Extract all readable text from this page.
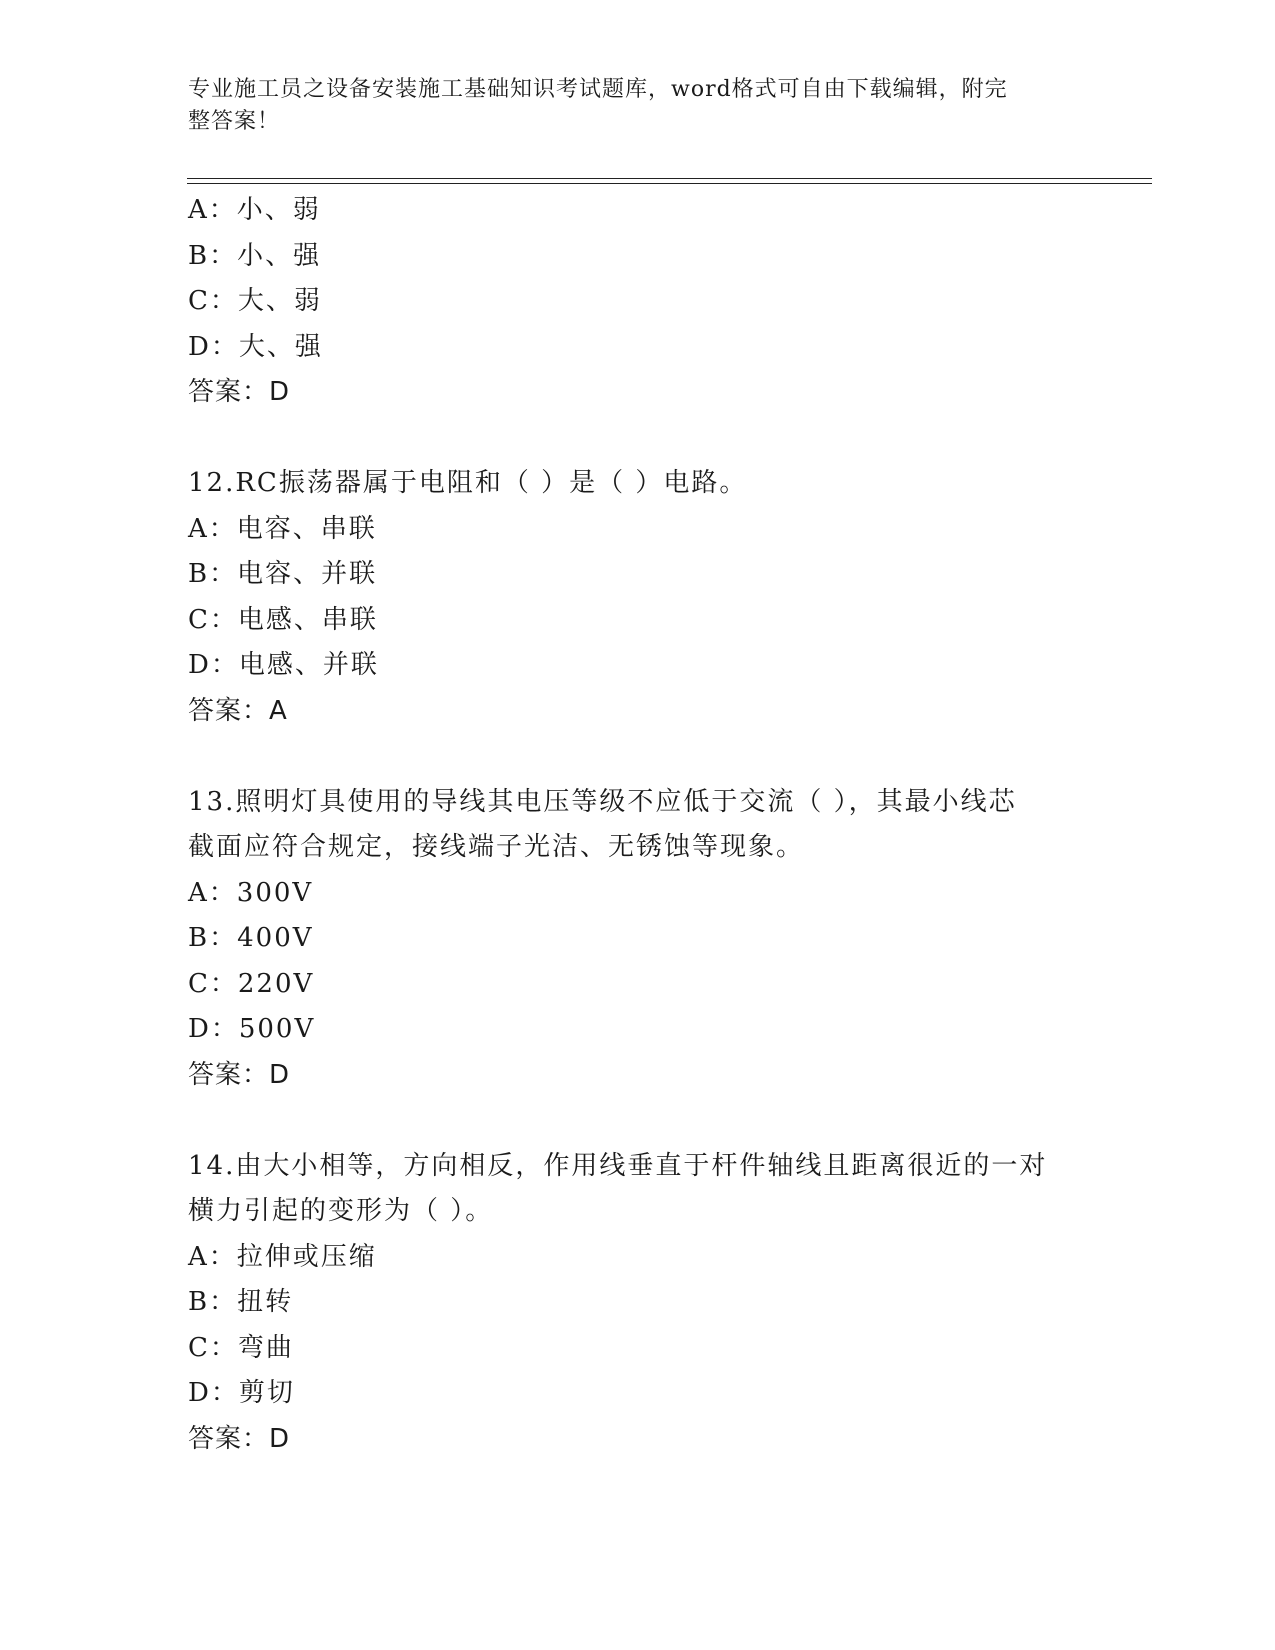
专业施工员之设备安装施工基础知识考试题库，word格式可自由下载编辑，附完
整答案！
A：小、弱
B：小、强
C：大、弱
D：大、强
答案：D
12.RC振荡器属于电阻和（ ）是（ ）电路。
A：电容、串联
B：电容、并联
C：电感、串联
D：电感、并联
答案：A
13.照明灯具使用的导线其电压等级不应低于交流（ ），其最小线芯
截面应符合规定，接线端子光洁、无锈蚀等现象。
A：300V
B：400V
C：220V
D：500V
答案：D
14.由大小相等，方向相反，作用线垂直于杆件轴线且距离很近的一对
横力引起的变形为（ ）。
A：拉伸或压缩
B：扭转
C：弯曲
D：剪切
答案：D
